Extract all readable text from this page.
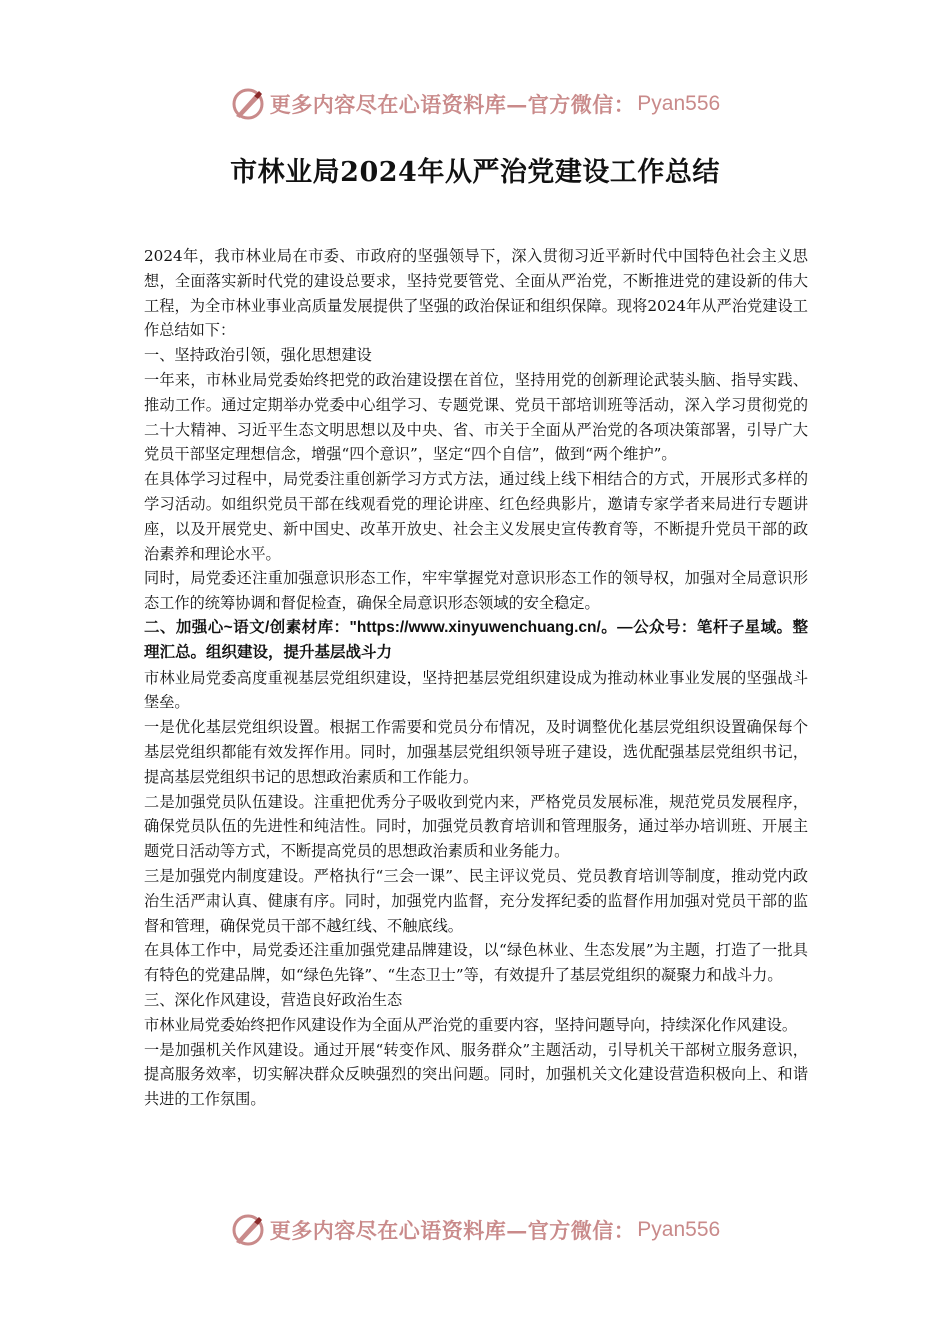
更多内容尽在心语资料库—官方微信： Pyan556
市林业局2024年从严治党建设工作总结

2024年，我市林业局在市委、市政府的坚强领导下，深入贯彻习近平新时代中国特色社会主义思想，全面落实新时代党的建设总要求，坚持党要管党、全面从严治党，不断推进党的建设新的伟大工程，为全市林业事业高质量发展提供了坚强的政治保证和组织保障。现将2024年从严治党建设工作总结如下：

一、坚持政治引领，强化思想建设

一年来，市林业局党委始终把党的政治建设摆在首位，坚持用党的创新理论武装头脑、指导实践、推动工作。通过定期举办党委中心组学习、专题党课、党员干部培训班等活动，深入学习贯彻党的二十大精神、习近平生态文明思想以及中央、省、市关于全面从严治党的各项决策部署，引导广大党员干部坚定理想信念，增强“四个意识”，坚定“四个自信”，做到“两个维护”。

在具体学习过程中，局党委注重创新学习方式方法，通过线上线下相结合的方式，开展形式多样的学习活动。如组织党员干部在线观看党的理论讲座、红色经典影片，邀请专家学者来局进行专题讲座，以及开展党史、新中国史、改革开放史、社会主义发展史宣传教育等，不断提升党员干部的政治素养和理论水平。

同时，局党委还注重加强意识形态工作，牢牢掌握党对意识形态工作的领导权，加强对全局意识形态工作的统筹协调和督促检查，确保全局意识形态领域的安全稳定。

二、加强心~语文/创素材库："https://www.xinyuwenchuang.cn/。—公众号：笔杆子星域。整理汇总。组织建设，提升基层战斗力

市林业局党委高度重视基层党组织建设，坚持把基层党组织建设成为推动林业事业发展的坚强战斗堡垒。

一是优化基层党组织设置。根据工作需要和党员分布情况，及时调整优化基层党组织设置确保每个基层党组织都能有效发挥作用。同时，加强基层党组织领导班子建设，选优配强基层党组织书记，提高基层党组织书记的思想政治素质和工作能力。

二是加强党员队伍建设。注重把优秀分子吸收到党内来，严格党员发展标准，规范党员发展程序，确保党员队伍的先进性和纯洁性。同时，加强党员教育培训和管理服务，通过举办培训班、开展主题党日活动等方式，不断提高党员的思想政治素质和业务能力。

三是加强党内制度建设。严格执行“三会一课”、民主评议党员、党员教育培训等制度，推动党内政治生活严肃认真、健康有序。同时，加强党内监督，充分发挥纪委的监督作用加强对党员干部的监督和管理，确保党员干部不越红线、不触底线。

在具体工作中，局党委还注重加强党建品牌建设，以“绿色林业、生态发展”为主题，打造了一批具有特色的党建品牌，如“绿色先锋”、“生态卫士”等，有效提升了基层党组织的凝聚力和战斗力。

三、深化作风建设，营造良好政治生态

市林业局党委始终把作风建设作为全面从严治党的重要内容，坚持问题导向，持续深化作风建设。

一是加强机关作风建设。通过开展“转变作风、服务群众”主题活动，引导机关干部树立服务意识，提高服务效率，切实解决群众反映强烈的突出问题。同时，加强机关文化建设营造积极向上、和谐共进的工作氛围。

更多内容尽在心语资料库—官方微信： Pyan556
